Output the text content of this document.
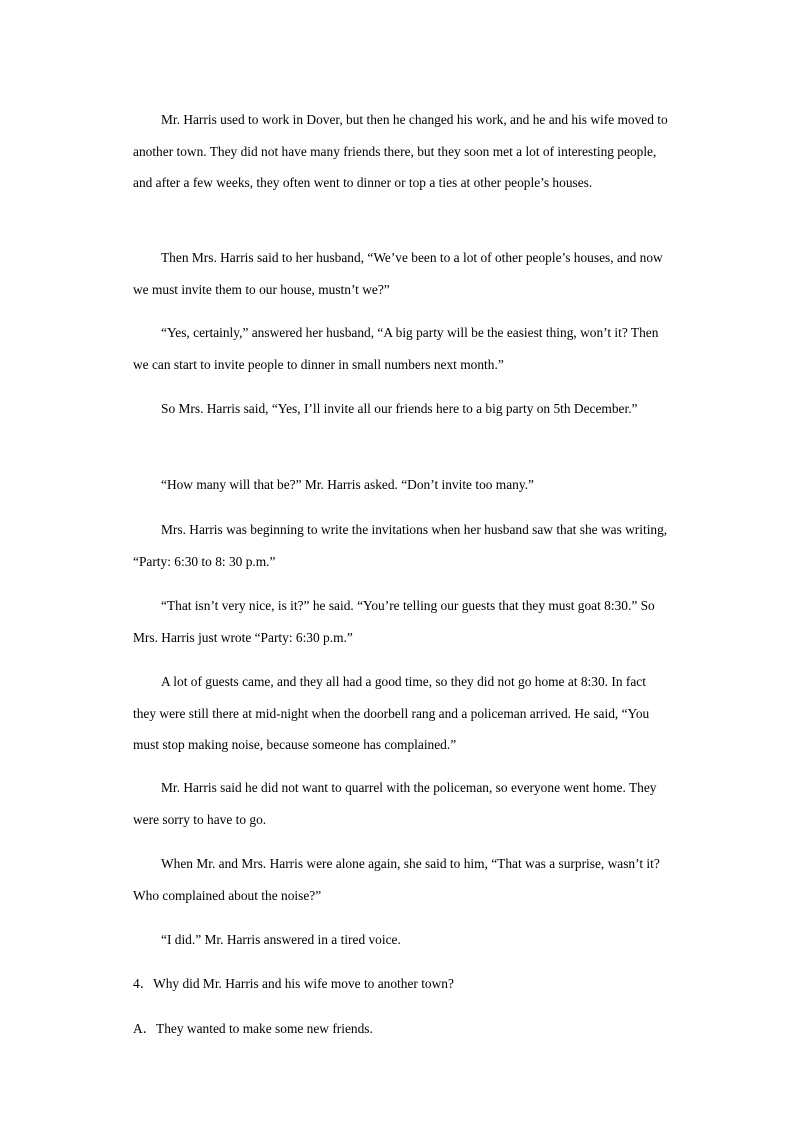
Mr. Harris used to work in Dover, but then he changed his work, and he and his wife moved to another town. They did not have many friends there, but they soon met a lot of interesting people, and after a few weeks, they often went to dinner or top a ties at other people’s houses.

Then Mrs. Harris said to her husband, “We’ve been to a lot of other people’s houses, and now we must invite them to our house, mustn’t we?”

“Yes, certainly,” answered her husband, “A big party will be the easiest thing, won’t it? Then we can start to invite people to dinner in small numbers next month.”

So Mrs. Harris said, “Yes, I’ll invite all our friends here to a big party on 5th December.”

“How many will that be?” Mr. Harris asked. “Don’t invite too many.”

Mrs. Harris was beginning to write the invitations when her husband saw that she was writing, “Party: 6:30 to 8: 30 p.m.”

“That isn’t very nice, is it?” he said. “You’re telling our guests that they must goat 8:30.” So Mrs. Harris just wrote “Party: 6:30 p.m.”

A lot of guests came, and they all had a good time, so they did not go home at 8:30. In fact they were still there at mid-night when the doorbell rang and a policeman arrived. He said, “You must stop making noise, because someone has complained.”

Mr. Harris said he did not want to quarrel with the policeman, so everyone went home. They were sorry to have to go.

When Mr. and Mrs. Harris were alone again, she said to him, “That was a surprise, wasn’t it? Who complained about the noise?”

“I did.” Mr. Harris answered in a tired voice.

4．Why did Mr. Harris and his wife move to another town?

A．They wanted to make some new friends.
